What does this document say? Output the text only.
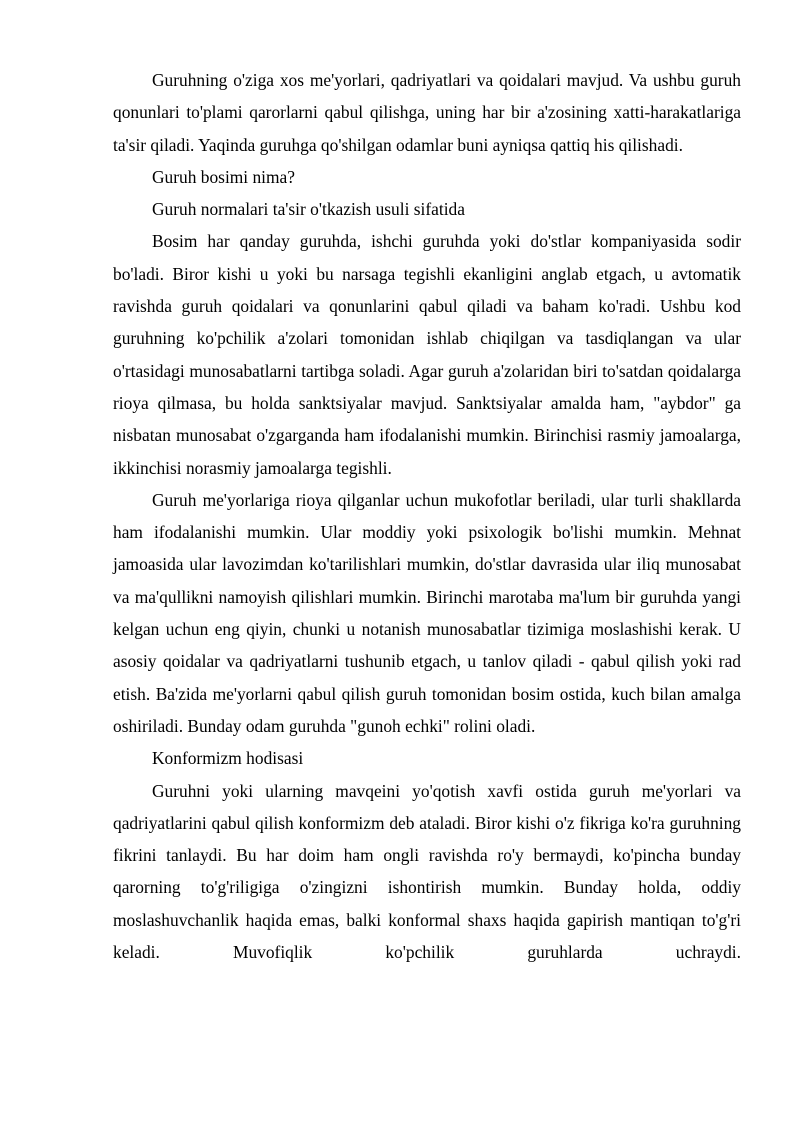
Guruhning o'ziga xos me'yorlari, qadriyatlari va qoidalari mavjud. Va ushbu guruh qonunlari to'plami qarorlarni qabul qilishga, uning har bir a'zosining xatti-harakatlariga ta'sir qiladi. Yaqinda guruhga qo'shilgan odamlar buni ayniqsa qattiq his qilishadi.

Guruh bosimi nima?

Guruh normalari ta'sir o'tkazish usuli sifatida

Bosim har qanday guruhda, ishchi guruhda yoki do'stlar kompaniyasida sodir bo'ladi. Biror kishi u yoki bu narsaga tegishli ekanligini anglab etgach, u avtomatik ravishda guruh qoidalari va qonunlarini qabul qiladi va baham ko'radi. Ushbu kod guruhning ko'pchilik a'zolari tomonidan ishlab chiqilgan va tasdiqlangan va ular o'rtasidagi munosabatlarni tartibga soladi. Agar guruh a'zolaridan biri to'satdan qoidalarga rioya qilmasa, bu holda sanktsiyalar mavjud. Sanktsiyalar amalda ham, "aybdor" ga nisbatan munosabat o'zgarganda ham ifodalanishi mumkin. Birinchisi rasmiy jamoalarga, ikkinchisi norasmiy jamoalarga tegishli.

Guruh me'yorlariga rioya qilganlar uchun mukofotlar beriladi, ular turli shakllarda ham ifodalanishi mumkin. Ular moddiy yoki psixologik bo'lishi mumkin. Mehnat jamoasida ular lavozimdan ko'tarilishlari mumkin, do'stlar davrasida ular iliq munosabat va ma'qullikni namoyish qilishlari mumkin. Birinchi marotaba ma'lum bir guruhda yangi kelgan uchun eng qiyin, chunki u notanish munosabatlar tizimiga moslashishi kerak. U asosiy qoidalar va qadriyatlarni tushunib etgach, u tanlov qiladi - qabul qilish yoki rad etish. Ba'zida me'yorlarni qabul qilish guruh tomonidan bosim ostida, kuch bilan amalga oshiriladi. Bunday odam guruhda "gunoh echki" rolini oladi.

Konformizm hodisasi

Guruhni yoki ularning mavqeini yo'qotish xavfi ostida guruh me'yorlari va qadriyatlarini qabul qilish konformizm deb ataladi. Biror kishi o'z fikriga ko'ra guruhning fikrini tanlaydi. Bu har doim ham ongli ravishda ro'y bermaydi, ko'pincha bunday qarorning to'g'riligiga o'zingizni ishontirish mumkin. Bunday holda, oddiy moslashuvchanlik haqida emas, balki konformal shaxs haqida gapirish mantiqan to'g'ri keladi. Muvofiqlik ko'pchilik guruhlarda uchraydi.
